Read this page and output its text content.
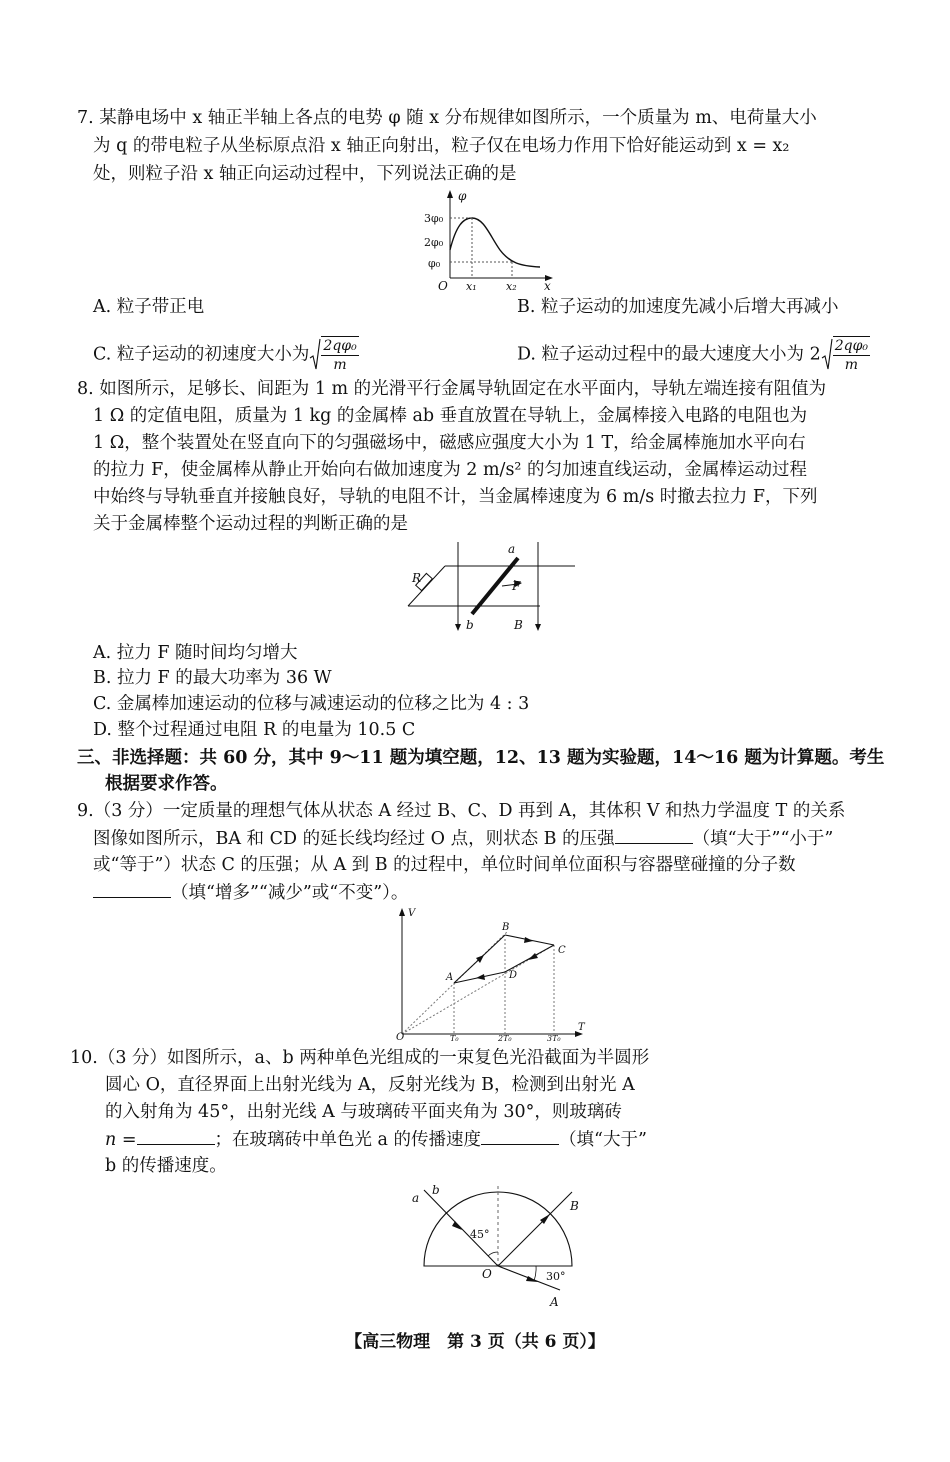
7. 某静电场中 x 轴正半轴上各点的电势 φ 随 x 分布规律如图所示，一个质量为 m、电荷量大小
为 q 的带电粒子从坐标原点沿 x 轴正向射出，粒子仅在电场力作用下恰好能运动到 x = x₂
处，则粒子沿 x 轴正向运动过程中，下列说法正确的是
φ
x
O
3φ₀
2φ₀
φ₀
x₁	x₂
A. 粒子带正电	B. 粒子运动的加速度先减小后增大再减小
C. 粒子运动的初速度大小为 $\frac{\text{2qφ₀}}{m}$	D. 粒子运动过程中的最大速度大小为 $2 \frac{\text{2qφ₀}}{m}$
8. 如图所示，足够长、间距为 1 m 的光滑平行金属导轨固定在水平面内，导轨左端连接有阻值为
1 Ω 的定值电阻，质量为 1 kg 的金属棒 ab 垂直放置在导轨上，金属棒接入电路的电阻也为
1 Ω，整个装置处在竖直向下的匀强磁场中，磁感应强度大小为 1 T，给金属棒施加水平向右
的拉力 F，使金属棒从静止开始向右做加速度为 2 m/s² 的匀加速直线运动，金属棒运动过程
中始终与导轨垂直并接触良好，导轨的电阻不计，当金属棒速度为 6 m/s 时撤去拉力 F，下列
关于金属棒整个运动过程的判断正确的是
R
a
b
F
B
A. 拉力 F 随时间均匀增大
B. 拉力 F 的最大功率为 36 W
C. 金属棒加速运动的位移与减速运动的位移之比为 4 : 3
D. 整个过程通过电阻 R 的电量为 10.5 C
三、非选择题：共 60 分，其中 9～11 题为填空题，12、13 题为实验题，14～16 题为计算题。考生
根据要求作答。
9.（3 分）一定质量的理想气体从状态 A 经过 B、C、D 再到 A，其体积 V 和热力学温度 T 的关系
图像如图所示，BA 和 CD 的延长线均经过 O 点，则状态 B 的压强	（填“大于”“小于”
或“等于”）状态 C 的压强；从 A 到 B 的过程中，单位时间单位面积与容器壁碰撞的分子数
（填“增多”“减少”或“不变”）。
V
T
O
A
B
C
D
T₀	2T₀	3T₀
10.（3 分）如图所示，a、b 两种单色光组成的一束复色光沿截面为半圆形
圆心 O，直径界面上出射光线为 A，反射光线为 B，检测到出射光 A
的入射角为 45°，出射光线 A 与玻璃砖平面夹角为 30°，则玻璃砖
n =	；在玻璃砖中单色光 a 的传播速度	（填“大于”
b 的传播速度。
a
b
B
O
A
45°
30°
【高三物理　第 3 页（共 6 页）】
